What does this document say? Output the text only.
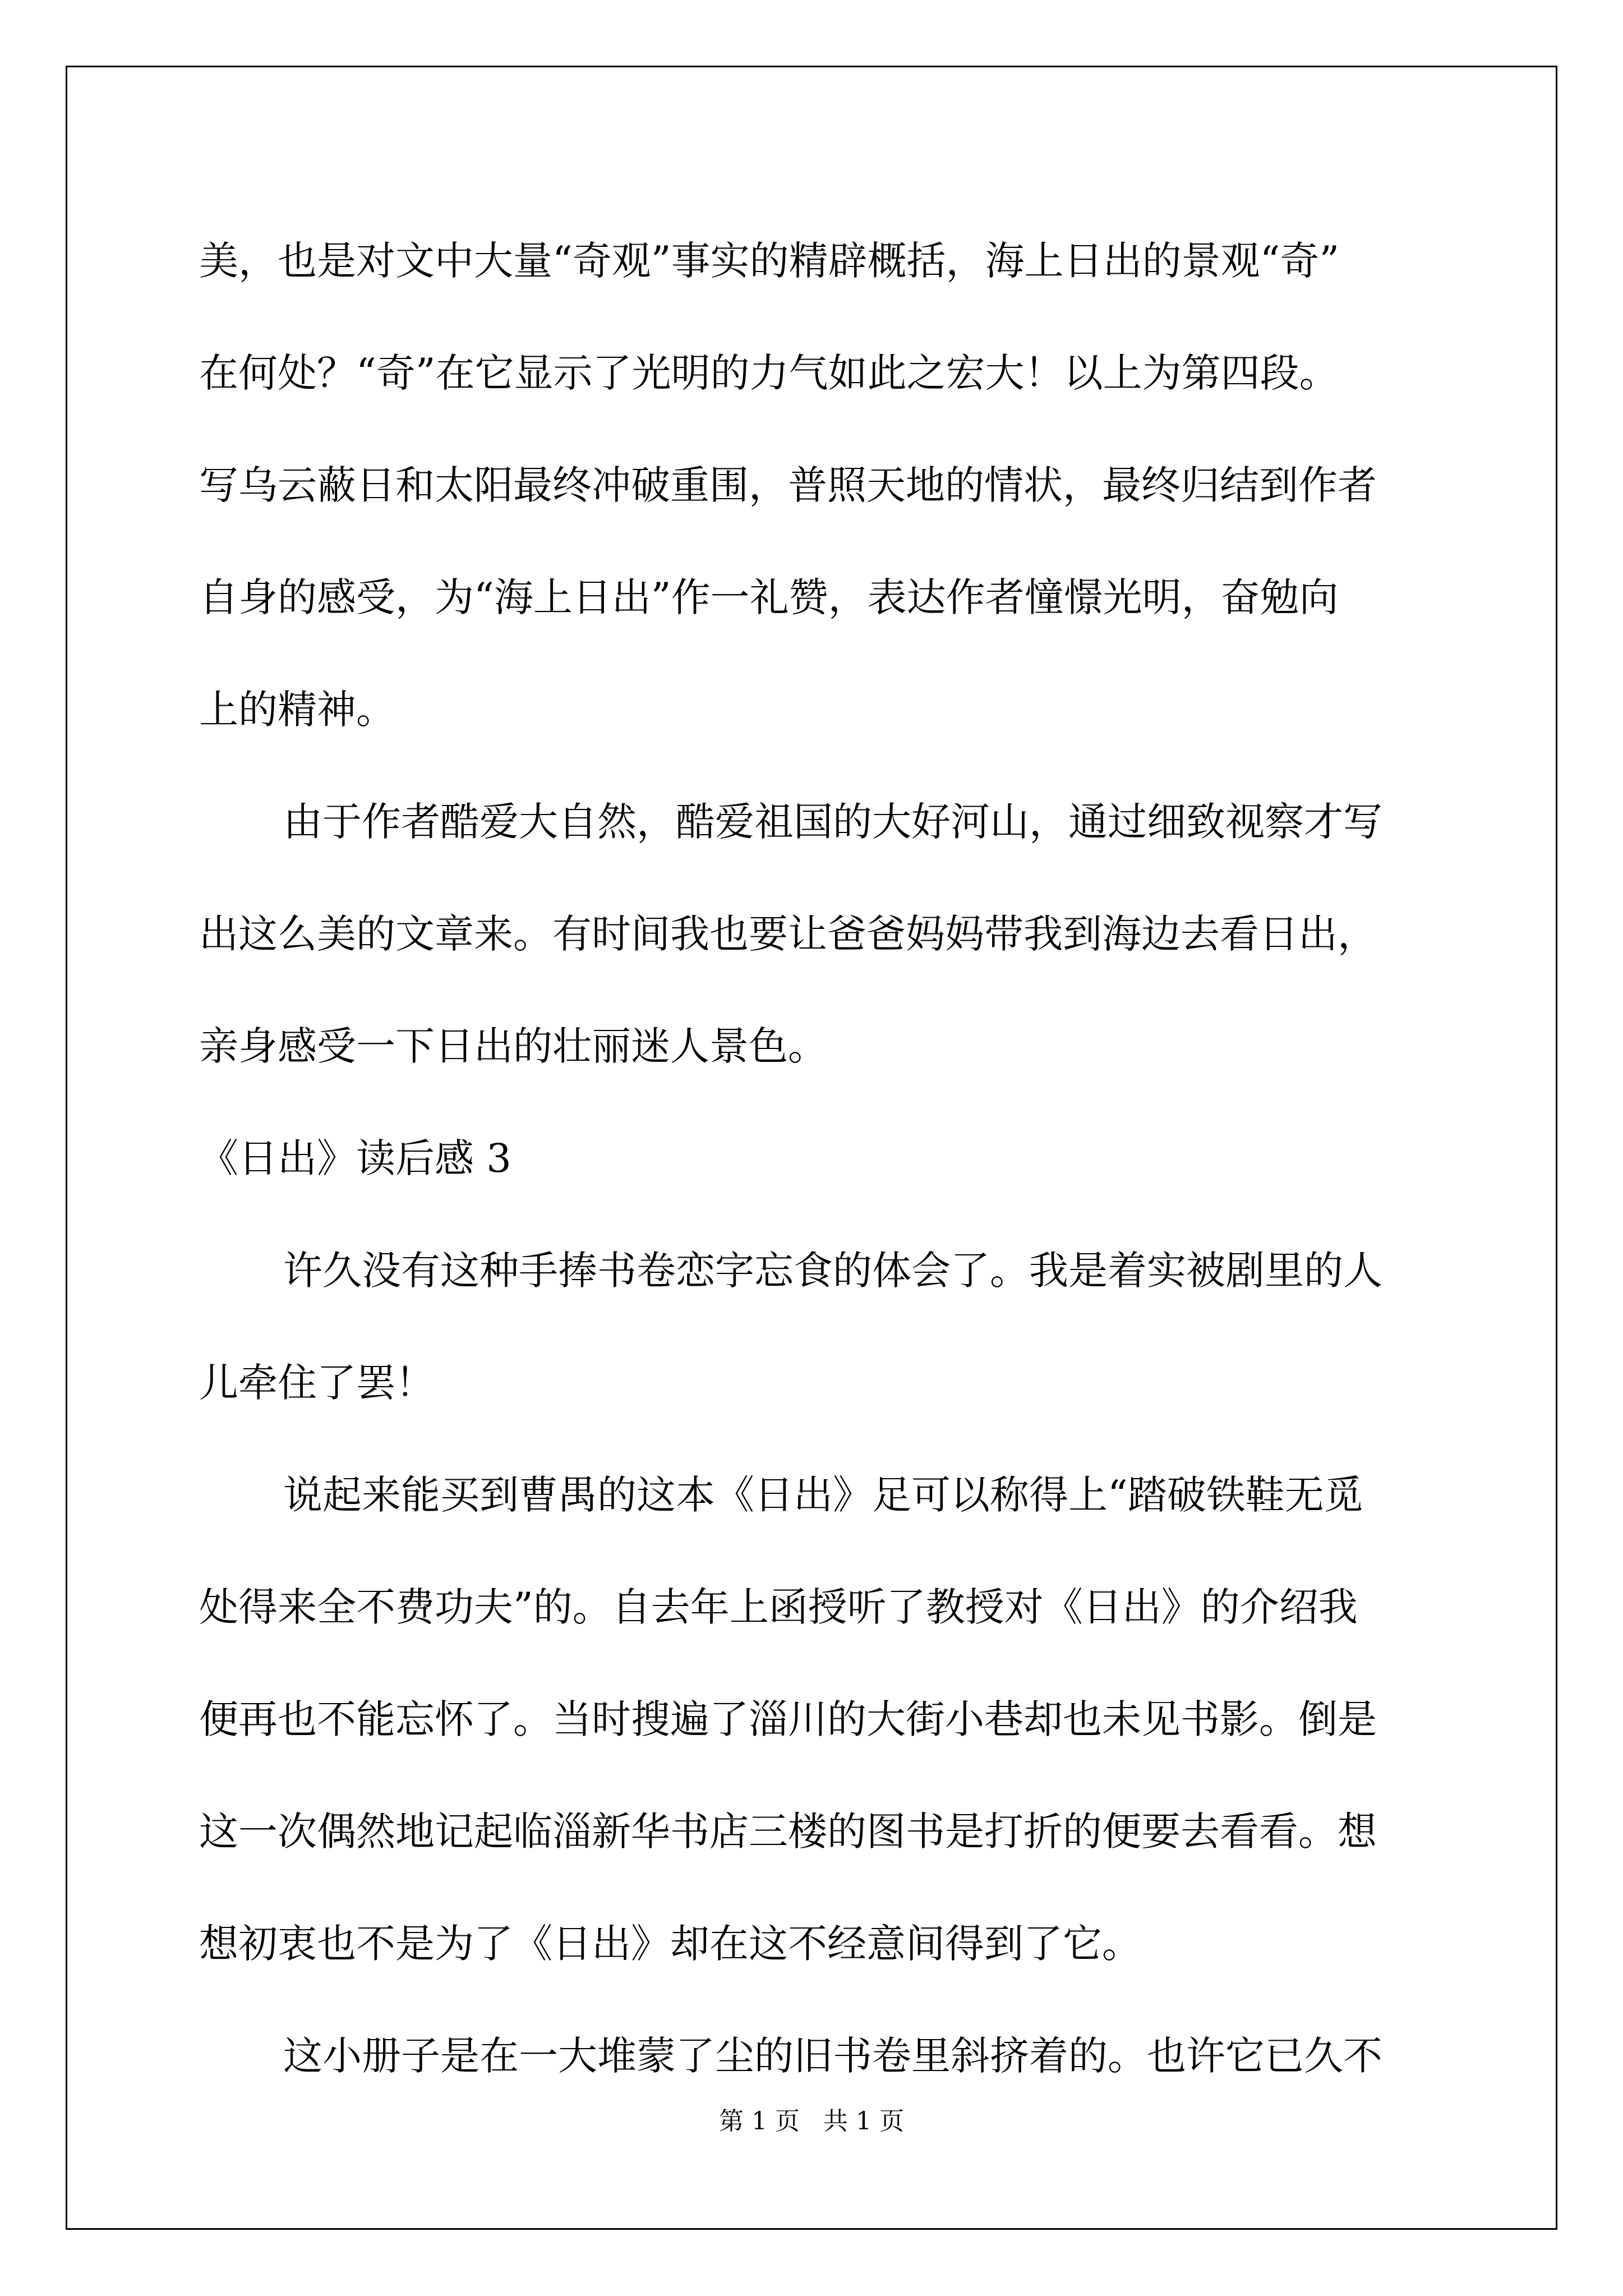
美，也是对文中大量“奇观”事实的精辟概括，海上日出的景观“奇”

在何处？“奇”在它显示了光明的力气如此之宏大！以上为第四段。

写乌云蔽日和太阳最终冲破重围，普照天地的情状，最终归结到作者

自身的感受，为“海上日出”作一礼赞，表达作者憧憬光明，奋勉向

上的精神。

由于作者酷爱大自然，酷爱祖国的大好河山，通过细致视察才写

出这么美的文章来。有时间我也要让爸爸妈妈带我到海边去看日出，

亲身感受一下日出的壮丽迷人景色。

《日出》读后感 3

许久没有这种手捧书卷恋字忘食的体会了。我是着实被剧里的人

儿牵住了罢！

说起来能买到曹禺的这本《日出》足可以称得上“踏破铁鞋无觅

处得来全不费功夫”的。自去年上函授听了教授对《日出》的介绍我

便再也不能忘怀了。当时搜遍了淄川的大街小巷却也未见书影。倒是

这一次偶然地记起临淄新华书店三楼的图书是打折的便要去看看。想

想初衷也不是为了《日出》却在这不经意间得到了它。

这小册子是在一大堆蒙了尘的旧书卷里斜挤着的。也许它已久不

第 1 页   共 1 页
